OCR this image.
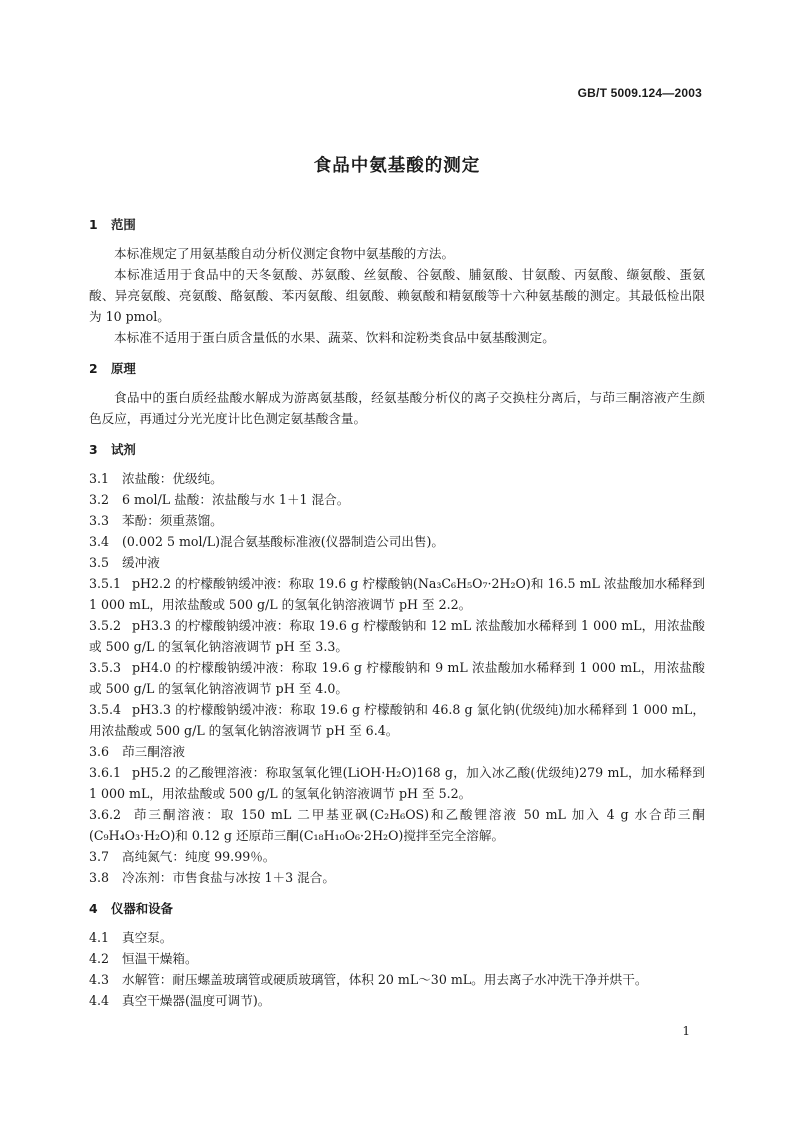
GB/T 5009.124—2003
食品中氨基酸的测定
1 范围

本标准规定了用氨基酸自动分析仪测定食物中氨基酸的方法。

本标准适用于食品中的天冬氨酸、苏氨酸、丝氨酸、谷氨酸、脯氨酸、甘氨酸、丙氨酸、缬氨酸、蛋氨酸、异亮氨酸、亮氨酸、酪氨酸、苯丙氨酸、组氨酸、赖氨酸和精氨酸等十六种氨基酸的测定。其最低检出限为 10 pmol。

本标准不适用于蛋白质含量低的水果、蔬菜、饮料和淀粉类食品中氨基酸测定。

2 原理

食品中的蛋白质经盐酸水解成为游离氨基酸，经氨基酸分析仪的离子交换柱分离后，与茚三酮溶液产生颜色反应，再通过分光光度计比色测定氨基酸含量。

3 试剂

3.1 浓盐酸：优级纯。

3.2 6 mol/L 盐酸：浓盐酸与水 1＋1 混合。

3.3 苯酚：须重蒸馏。

3.4 (0.002 5 mol/L)混合氨基酸标准液(仪器制造公司出售)。

3.5 缓冲液

3.5.1 pH2.2 的柠檬酸钠缓冲液：称取 19.6 g 柠檬酸钠(Na₃C₆H₅O₇·2H₂O)和 16.5 mL 浓盐酸加水稀释到 1 000 mL，用浓盐酸或 500 g/L 的氢氧化钠溶液调节 pH 至 2.2。

3.5.2 pH3.3 的柠檬酸钠缓冲液：称取 19.6 g 柠檬酸钠和 12 mL 浓盐酸加水稀释到 1 000 mL，用浓盐酸或 500 g/L 的氢氧化钠溶液调节 pH 至 3.3。

3.5.3 pH4.0 的柠檬酸钠缓冲液：称取 19.6 g 柠檬酸钠和 9 mL 浓盐酸加水稀释到 1 000 mL，用浓盐酸或 500 g/L 的氢氧化钠溶液调节 pH 至 4.0。

3.5.4 pH3.3 的柠檬酸钠缓冲液：称取 19.6 g 柠檬酸钠和 46.8 g 氯化钠(优级纯)加水稀释到 1 000 mL，用浓盐酸或 500 g/L 的氢氧化钠溶液调节 pH 至 6.4。

3.6 茚三酮溶液

3.6.1 pH5.2 的乙酸锂溶液：称取氢氧化锂(LiOH·H₂O)168 g，加入冰乙酸(优级纯)279 mL，加水稀释到 1 000 mL，用浓盐酸或 500 g/L 的氢氧化钠溶液调节 pH 至 5.2。

3.6.2 茚三酮溶液：取 150 mL 二甲基亚砜(C₂H₆OS)和乙酸锂溶液 50 mL 加入 4 g 水合茚三酮(C₉H₄O₃·H₂O)和 0.12 g 还原茚三酮(C₁₈H₁₀O₆·2H₂O)搅拌至完全溶解。

3.7 高纯氮气：纯度 99.99％。

3.8 冷冻剂：市售食盐与冰按 1＋3 混合。

4 仪器和设备

4.1 真空泵。

4.2 恒温干燥箱。

4.3 水解管：耐压螺盖玻璃管或硬质玻璃管，体积 20 mL～30 mL。用去离子水冲洗干净并烘干。

4.4 真空干燥器(温度可调节)。

1
